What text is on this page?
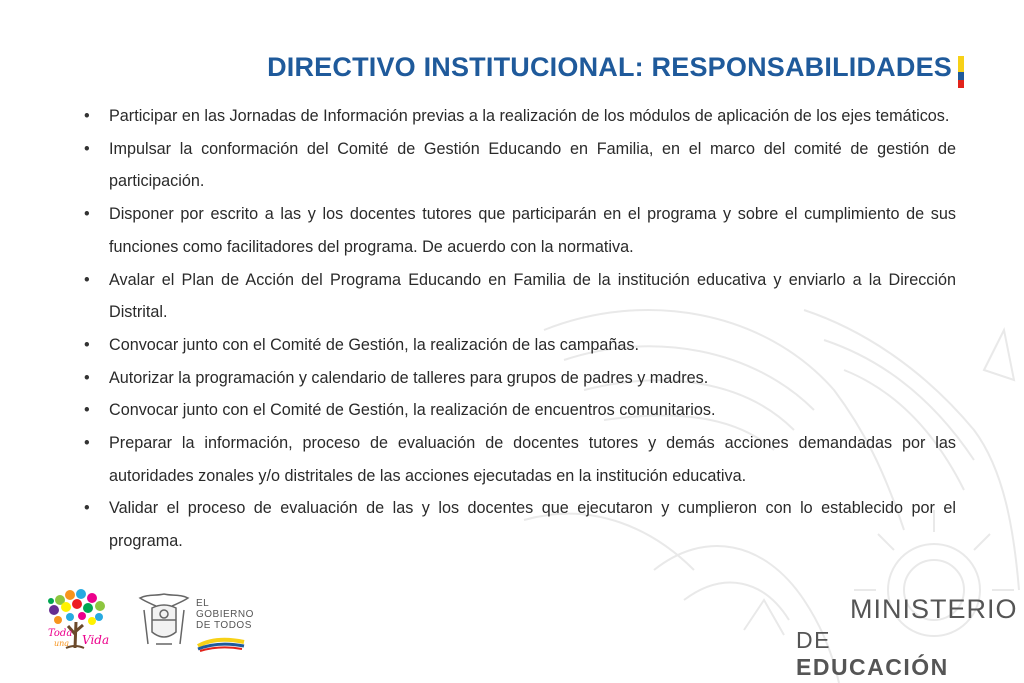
DIRECTIVO INSTITUCIONAL: RESPONSABILIDADES
• Participar en las Jornadas de Información previas a la realización de los módulos de aplicación de los ejes temáticos.
• Impulsar la conformación del Comité de Gestión Educando en Familia, en el marco del comité de gestión de participación.
• Disponer por escrito a las y los docentes tutores que participarán en el programa y sobre el cumplimiento de sus funciones como facilitadores del programa. De acuerdo con la normativa.
• Avalar el Plan de Acción del Programa Educando en Familia de la institución educativa y enviarlo a la Dirección Distrital.
• Convocar junto con el Comité de Gestión, la realización de las campañas.
• Autorizar la programación y calendario de talleres para grupos de padres y madres.
• Convocar junto con el Comité de Gestión, la realización de encuentros comunitarios.
• Preparar la información, proceso de evaluación de docentes tutores y demás acciones demandadas por las autoridades zonales y/o distritales de las acciones ejecutadas en la institución educativa.
• Validar el proceso de evaluación de las y los docentes que ejecutaron y cumplieron con lo establecido por el programa.
Toda
una Vida
EL
GOBIERNO
DE TODOS
MINISTERIO
DE EDUCACIÓN
